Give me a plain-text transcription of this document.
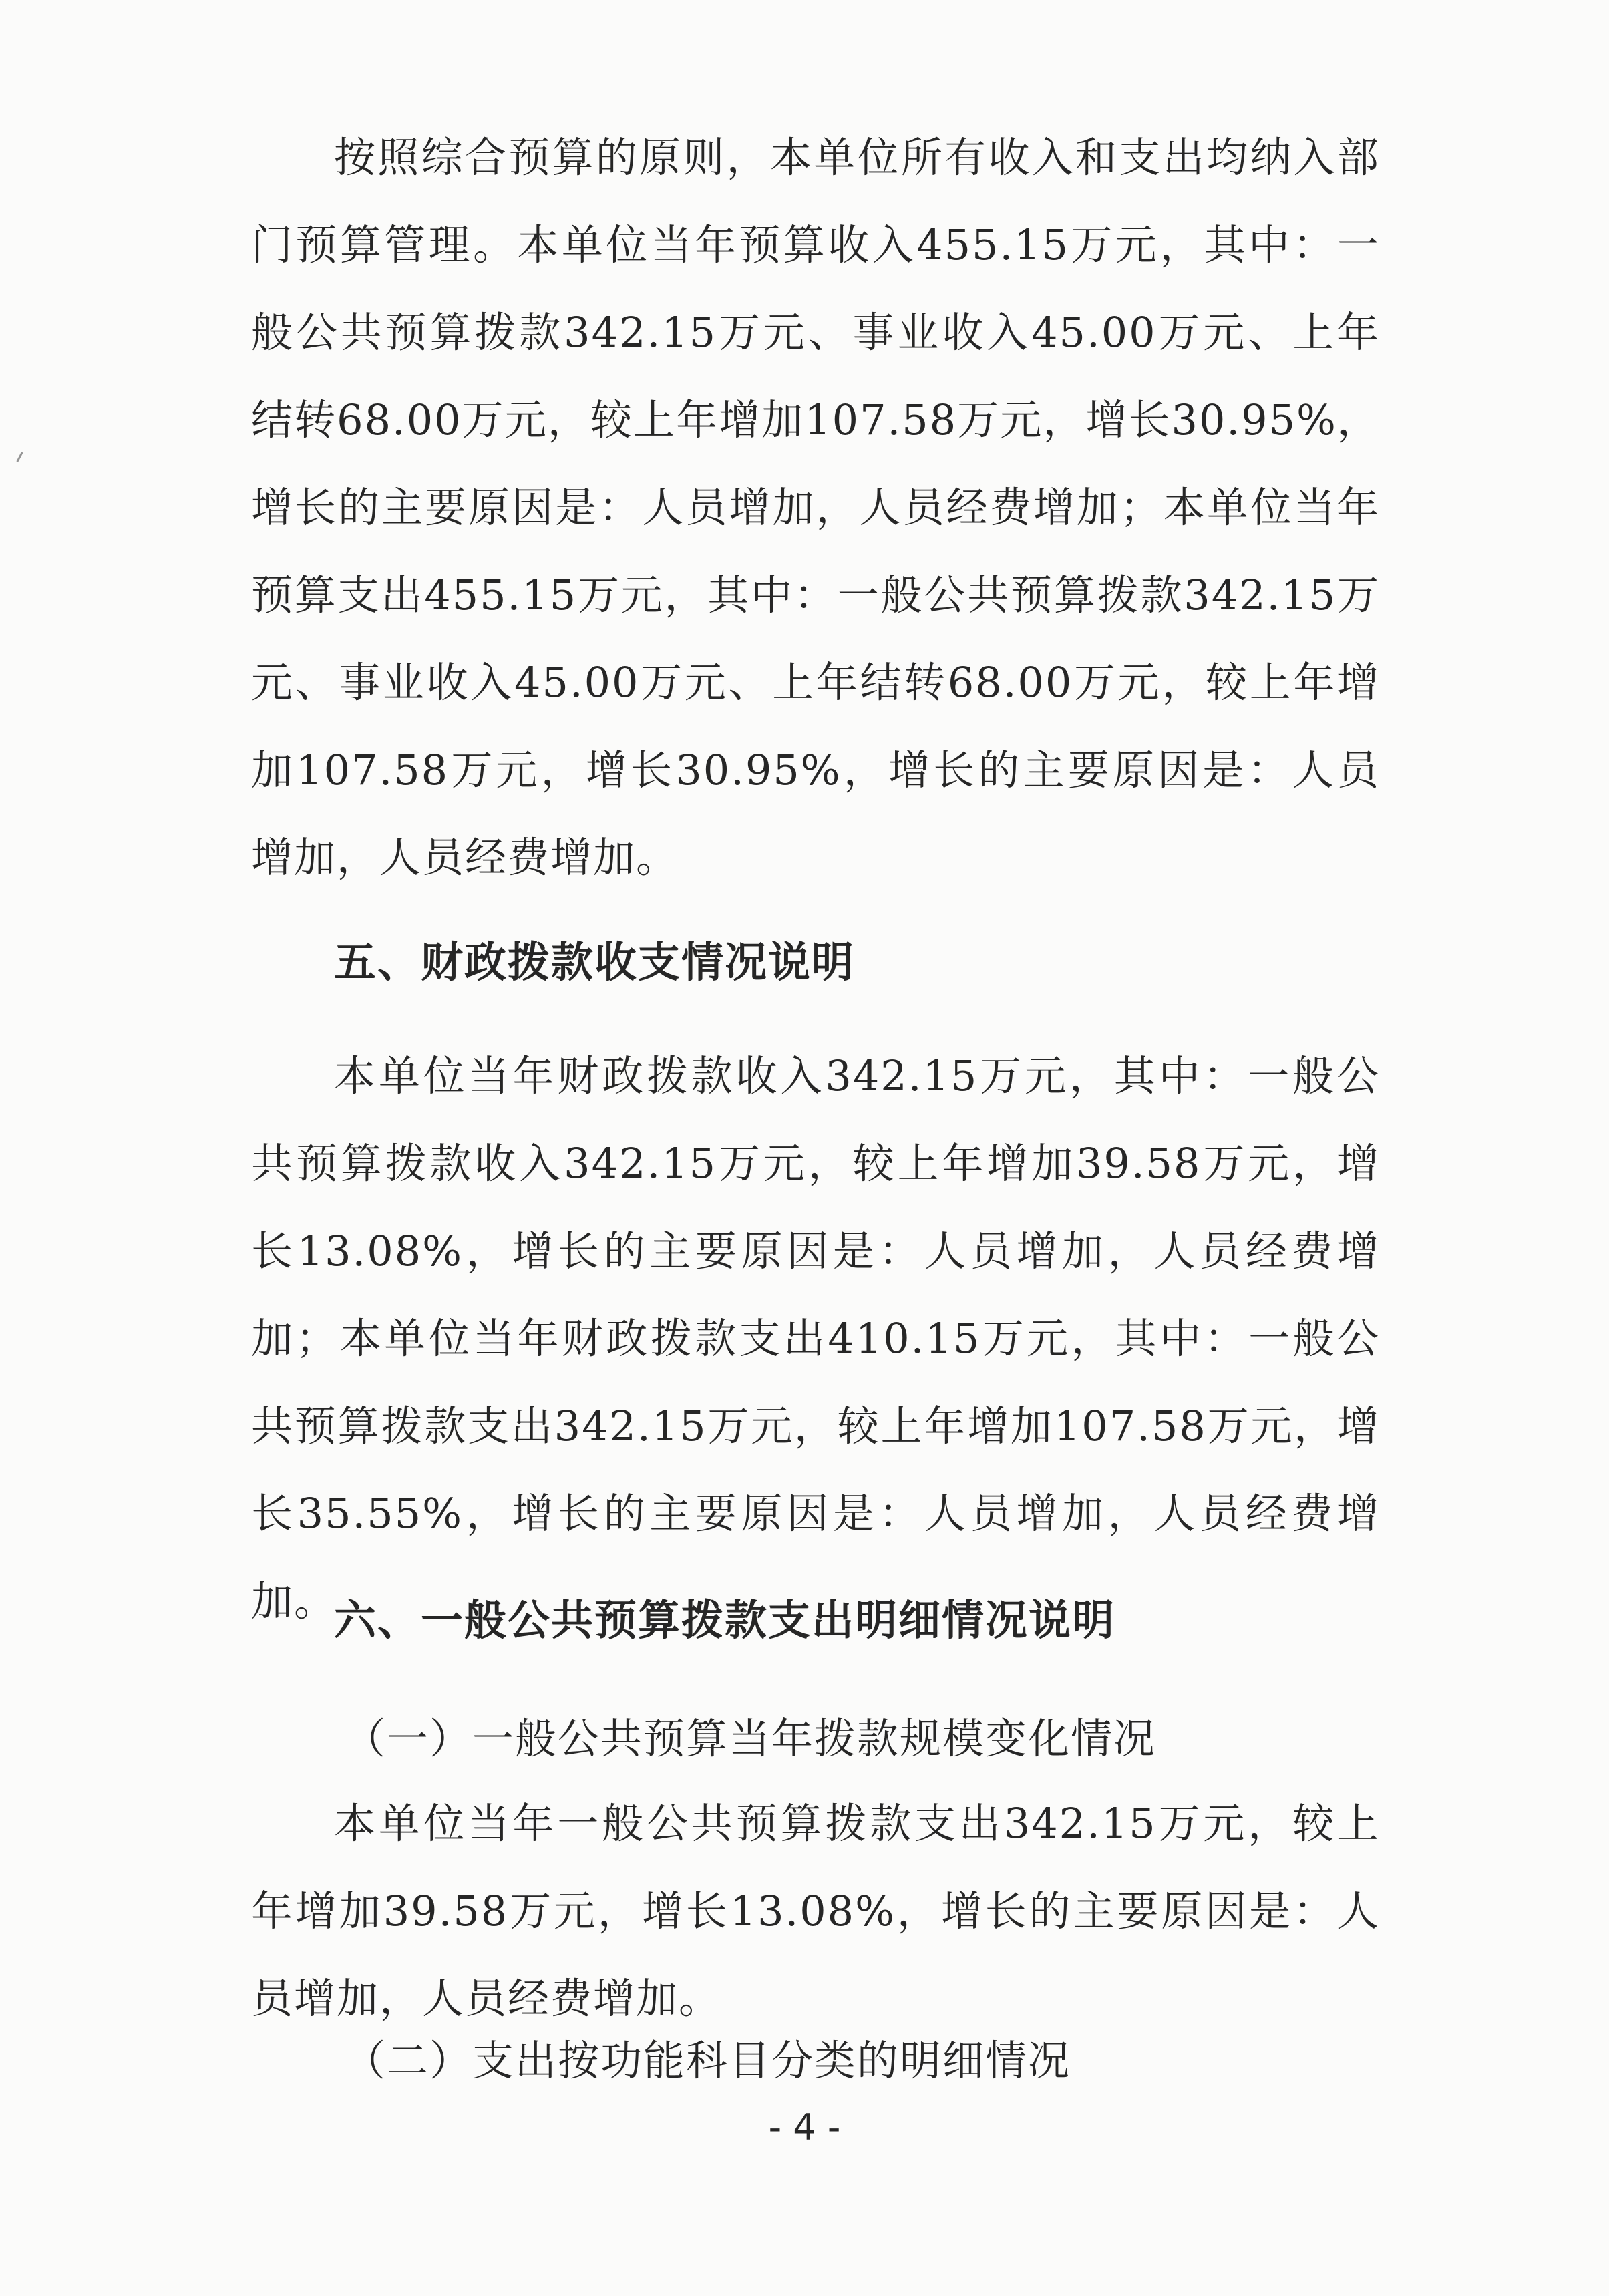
按照综合预算的原则，本单位所有收入和支出均纳入部门预算管理。本单位当年预算收入455.15万元，其中：一般公共预算拨款342.15万元、事业收入45.00万元、上年结转68.00万元，较上年增加107.58万元，增长30.95%，增长的主要原因是：人员增加，人员经费增加；本单位当年预算支出455.15万元，其中：一般公共预算拨款342.15万元、事业收入45.00万元、上年结转68.00万元，较上年增加107.58万元，增长30.95%，增长的主要原因是：人员增加，人员经费增加。

五、财政拨款收支情况说明

本单位当年财政拨款收入342.15万元，其中：一般公共预算拨款收入342.15万元，较上年增加39.58万元，增长13.08%，增长的主要原因是：人员增加，人员经费增加；本单位当年财政拨款支出410.15万元，其中：一般公共预算拨款支出342.15万元，较上年增加107.58万元，增长35.55%，增长的主要原因是：人员增加，人员经费增加。

六、一般公共预算拨款支出明细情况说明

（一）一般公共预算当年拨款规模变化情况

本单位当年一般公共预算拨款支出342.15万元，较上年增加39.58万元，增长13.08%，增长的主要原因是：人员增加，人员经费增加。

（二）支出按功能科目分类的明细情况

- 4 -
